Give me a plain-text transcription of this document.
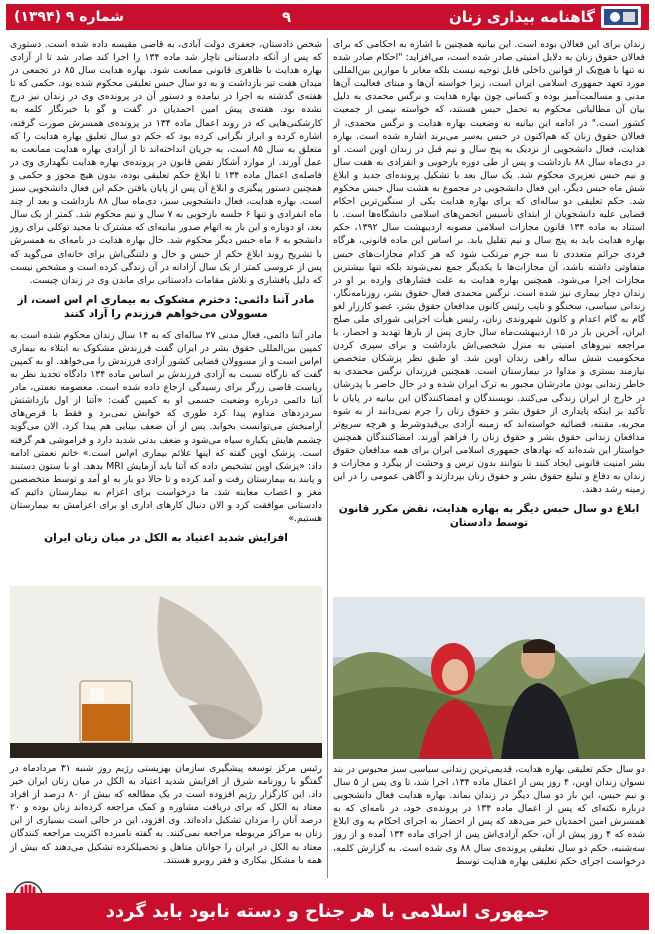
گاهنامه بیداری زنان
۹
شماره ۹ (۱۳۹۴)

زندان برای این فعالان بوده است. این بیانیه همچنین با اشاره به احکامی که برای فعالان حقوق زنان به دلایل امنیتی صادر شده است، می‌افزاید: "احکام صادر شده نه تنها با هیچ‌یک از قوانین داخلی قابل توجیه نیست بلکه مغایر با موازین بین‌المللی مورد تعهد جمهوری اسلامی ایران است، زیرا خواسته آن‌ها و مبنای فعالیت آن‌ها مدنی و مسالمت‌آمیز بوده و کسانی چون بهاره هدایت و نرگس محمدی به دلیل بیان آن مطالباتی محکوم به تحمل حبس هستند، که خواسته نیمی از جمعیت کشور است." در ادامه این بیانیه به وضعیت بهاره هدایت و نرگس محمدی، از فعالان حقوق زنان که هم‌اکنون در حبس به‌سر می‌برند اشاره شده است. بهاره هدایت، فعال دانشجویی از نزدیک به پنج سال و نیم قبل در زندان اوین است. او در دی‌ماه سال ۸۸ بازداشت و پس از طی دوره بازجویی و انفرادی به هفت سال و نیم حبس تعزیری محکوم شد. یک سال بعد با تشکیل پرونده‌ای جدید و ابلاغ شش ماه حبس دیگر، این فعال دانشجویی در مجموع به هشت سال حبس محکوم شد. حکم تعلیقی دو ساله‌ای که برای بهاره هدایت یکی از سنگین‌ترین احکام قضایی علیه دانشجویان از ابتدای تأسیس انجمن‌های اسلامی دانشگاه‌ها است. با استناد به ماده ۱۳۴ قانون مجازات اسلامی مصوبه اردیبهشت سال ۱۳۹۲، حکم بهاره هدایت باید به پنج سال و نیم تقلیل یابد. بر اساس این ماده قانونی، هرگاه فردی جرائم متعددی تا سه جرم مرتکب شود که هر کدام مجازات‌های حبس متفاوتی داشته باشد، آن مجازات‌ها با یکدیگر جمع نمی‌شوند بلکه تنها بیشترین مجازات اجرا می‌شود. همچنین بهاره هدایت به علت فشارهای وارده بر او در زندان دچار بیماری نیز شده است. نرگس محمدی فعال حقوق بشر، روزنامه‌نگار، زندانی سیاسی، سخنگو و نایب رئیس کانون مدافعان حقوق بشر، عضو کارزار لغو گام به گام اعدام و کانون شهروندی زنان، رئیس هیأت اجرایی شورای ملی صلح ایران، آخرین بار در ۱۵ اردیبهشت‌ماه سال جاری پس از بارها تهدید و احضار، با مراجعه نیروهای امنیتی به منزل شخصی‌اش بازداشت و برای سپری کردن محکومیت شش ساله راهی زندان اوین شد. او طبق نظر پزشکان متخصص نیازمند بستری و مداوا در بیمارستان است. همچنین فرزندان نرگس محمدی به خاطر زندانی بودن مادرشان مجبور به ترک ایران شده و در حال حاضر با پدرشان در خارج از ایران زندگی می‌کنند. نویسندگان و امضاکنندگان این بیانیه در پایان با تأکید بر اینکه پایداری از حقوق بشر و حقوق زنان را جرم نمی‌دانند از به شوه مجربه، مقننه، قضائیه خواسته‌اند که زمینه آزادی بی‌قیدوشرط و هرچه سریع‌تر مدافعان زندانی حقوق بشر و حقوق زنان را فراهم آورند. امضاکنندگان همچنین خواستار این شده‌اند که نهادهای جمهوری اسلامی ایران برای همه مدافعان حقوق بشر امنیت قانونی ایجاد کنند تا بتوانند بدون ترس و وحشت از پیگرد و مجازات و زندان به دفاع و تبلیغ حقوق بشر و حقوق زنان بپردازند و آگاهی عمومی را در این زمینه رشد دهند.

ابلاغ دو سال حبس دیگر به بهاره هدایت، نقض مکرر قانون توسط دادستان

دو سال حکم تعلیقی بهاره هدایت، قدیمی‌ترین زندانی سیاسی سبز محبوس در بند نسوان زندان اوین، ۴ روز پس از اعمال ماده ۱۳۴، اجرا شد، تا وی پس از ۵ سال و نیم حبس، این بار دو سال دیگر در زندان بماند. بهاره هدایت فعال دانشجویی درباره نکته‌ای که پس از اعمال ماده ۱۳۴ در پرونده‌ی خود، در نامه‌ای که به همسرش امین احمدیان خبر می‌دهد که پس از احضار به اجرای احکام به وی ابلاغ شده که ۴ روز پیش از آن، حکم آزادی‌اش پس از اجرای ماده ۱۳۴ آمده و از روز سه‌شنبه، حکم دو سال تعلیقی پرونده‌ی سال ۸۸ وی شده است. به گزارش کلمه، درخواست اجرای حکم تعلیقی بهاره هدایت توسط

شخص دادستان، جعفری دولت آبادی، به قاضی مقیسه داده شده است. دستوری که پس از آنکه دادستانی ناچار شد ماده ۱۳۴ را اجرا کند صادر شد تا از آزادی بهاره هدایت با ظاهری قانونی ممانعت شود. بهاره هدایت سال ۸۵ در تجمعی در میدان هفت تیر بازداشت و به دو سال حبس تعلیقی محکوم شده بود. حکمی که تا هفته‌ی گذشته به اجرا در نیامده و دستور آن در پرونده‌ی وی در زندان نیز درج نشده بود. هفته‌ی پیش امین احمدیان در گفت و گو با خبرنگار کلمه به کارشکنی‌هایی که در روند اعمال ماده ۱۳۴ در پرونده‌ی همسرش صورت گرفته، اشاره کرده و ابراز نگرانی کرده بود که حکم دو سال تعلیق بهاره هدایت را که متعلق به سال ۸۵ است، به جریان انداخته‌اند تا از آزادی بهاره هدایت ممانعت به عمل آورند. از موارد آشکار نقض قانون در پرونده‌ی بهاره هدایت نگهداری وی در فاصله‌ی اعمال ماده ۱۳۴ تا ابلاغ حکم تعلیقی بوده، بدون هیچ مجوز و حکمی و همچنین دستور پیگیری و ابلاغ آن پس از پایان یافتن حکم این فعال دانشجویی سبز است. بهاره هدایت، فعال دانشجویی سبز، دی‌ماه سال ۸۸ بازداشت و بعد از چند ماه انفرادی و تنها ۶ جلسه بازجویی به ۷ سال و نیم محکوم شد. کمتر از یک سال بعد، او دوباره و این بار به اتهام صدور بیانیه‌ای که مشترک با مجید توکلی برای روز دانشجو به ۶ ماه حبس دیگر محکوم شد. حال بهاره هدایت در نامه‌ای به همسرش با تشریح روند ابلاغ حکم از حبس و حال و دلتنگی‌اش برای خانه‌ای می‌گوید که پس از عروسی کمتر از یک سال آزادانه در آن زندگی کرده است و مشخص نیست که دلیل پافشاری و تلاش مقامات دادستانی برای ماندن وی در زندان چیست.

مادر آتنا دائمی: دخترم مشکوک به بیماری ام اس است، از مسوولان می‌خواهم فرزندم را آزاد کنند

مادر آتنا دائمی، فعال مدنی ۲۷ ساله‌ای که به ۱۴ سال زندان محکوم شده است به کمپین بین‌المللی حقوق بشر در ایران گفت فرزندش مشکوک به ابتلاء به بیماری ام‌اس است و از مسوولان قضایی کشور آزادی فرزندش را می‌خواهد. او به کمپین گفت که نارگاه نسبت به آزادی فرزندش بر اساس ماده ۱۳۴ دادگاه تجدید نظر به ریاست قاضی زرگر برای رسیدگی ارجاع داده شده است. معصومه نعمتی، مادر آتنا دائمی درباره وضعیت جسمی او به کمپین گفت: «آتنا از اول بازداشتش سردردهای مداوم پیدا کرد طوری که خوابش نمی‌برد و فقط با قرص‌های آرامبخش می‌توانست بخوابد. پس از آن ضعف بینایی هم پیدا کرد. الان می‌گوید چشمم هایش یکباره سیاه می‌شود و ضعف بدنی شدید دارد و فراموشی هم گرفته است. پزشک اوین گفته که اینها علائم بیماری ام‌اس است.» خانم نعمتی ادامه داد: «پزشک اوین تشخیص داده که آتنا باید آزمایش MRI بدهد. او با ستون دستبند و پابند به بیمارستان رفت و آمد کرده و تا حالا دو بار به او آمد و توسط متخصصین مغز و اعصاب معاینه شد. ما درخواست برای اعزام به بیمارستان دائیم که دادستانی موافقت کرد و الان دنبال کارهای اداری او برای اعزامش به بیمارستان هستیم.»

افزایش شدید اعتیاد به الکل در میان زنان ایران

رئیس مرکز توسعه پیشگیری سازمان بهزیستی رژیم روز شنبه ۳۱ مردادماه در گفتگو با روزنامه شرق از افزایش شدید اعتیاد به الکل در میان زنان ایران خبر داد. این کارگزار رژیم افزوده است در یک مطالعه که بیش از ۸۰ درصد از افراد معتاد به الکل که برای دریافت مشاوره و کمک مراجعه کرده‌اند زنان بوده و ۲۰ درصد آنان را مردان تشکیل داده‌اند. وی افزود، این در حالی است بسیاری از این زنان به مراکز مربوطه مراجعه نمی‌کنند. به گفته نامبرده اکثریت مراجعه کنندگان معتاد به الکل در ایران را جوانان متاهل و تحصیلکرده تشکیل می‌دهند که بیش از همه با مشکل بیکاری و فقر روبرو هستند.

جمهوری اسلامی با هر جناح و دسته نابود باید گردد
